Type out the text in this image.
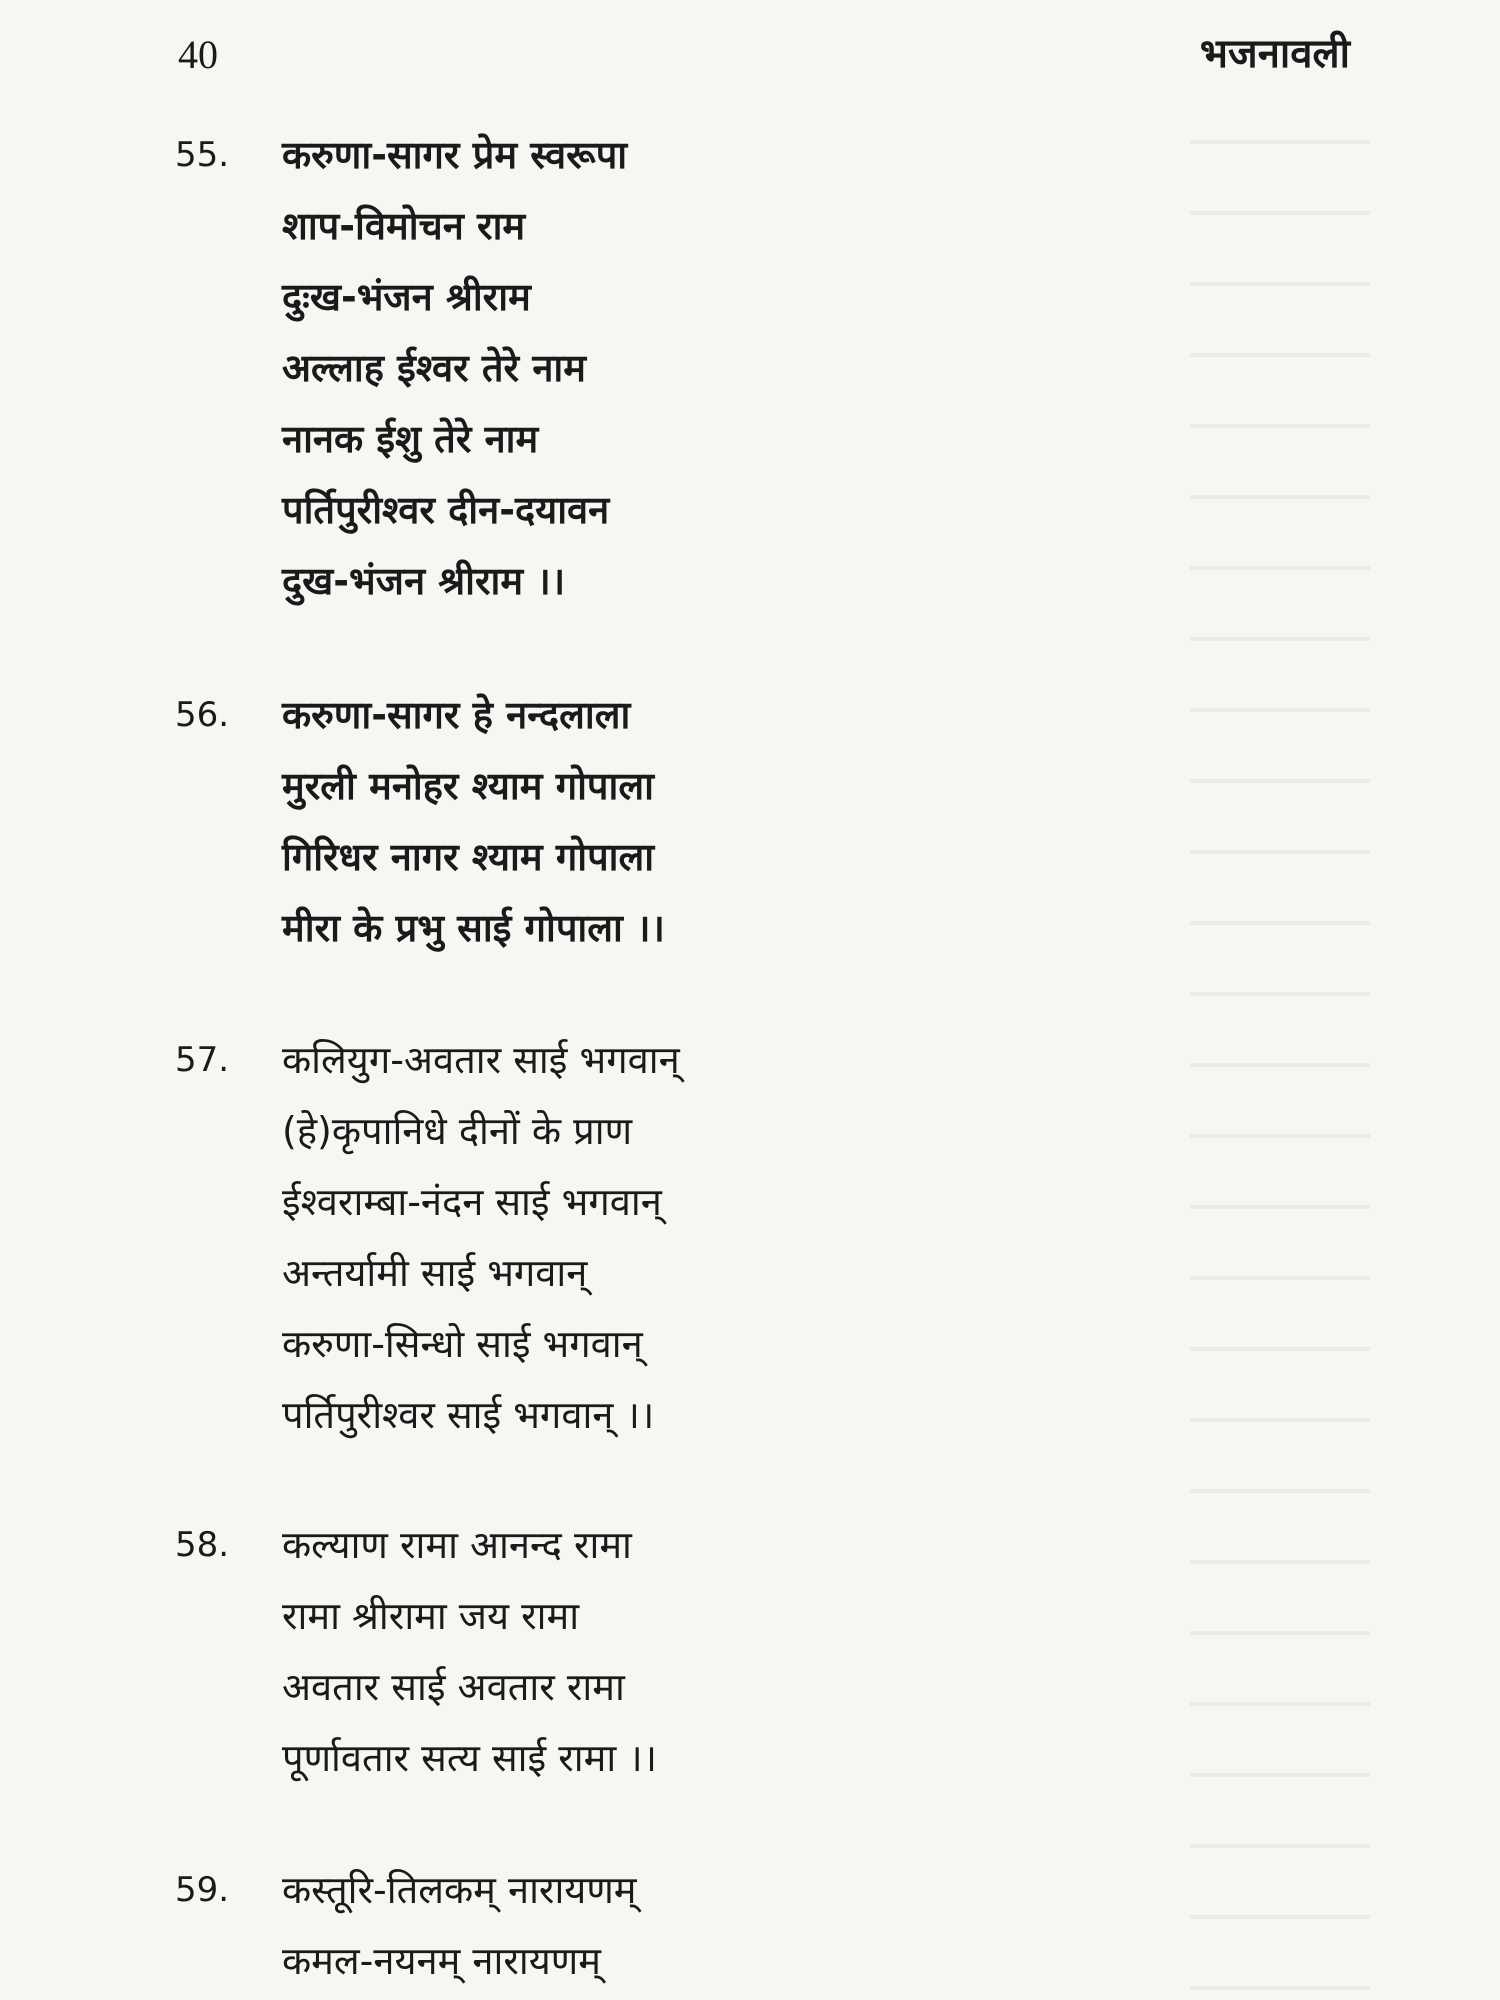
40	भजनावली
55. करुणा-सागर प्रेम स्वरूपा
शाप-विमोचन राम
दुःख-भंजन श्रीराम
अल्लाह ईश्वर तेरे नाम
नानक ईशु तेरे नाम
पर्तिपुरीश्वर दीन-दयावन
दुख-भंजन श्रीराम ।।
56. करुणा-सागर हे नन्दलाला
मुरली मनोहर श्याम गोपाला
गिरिधर नागर श्याम गोपाला
मीरा के प्रभु साई गोपाला ।।
57. कलियुग-अवतार साई भगवान्
(हे)कृपानिधे दीनों के प्राण
ईश्वराम्बा-नंदन साई भगवान्
अन्तर्यामी साई भगवान्
करुणा-सिन्धो साई भगवान्
पर्तिपुरीश्वर साई भगवान् ।।
58. कल्याण रामा आनन्द रामा
रामा श्रीरामा जय रामा
अवतार साई अवतार रामा
पूर्णावतार सत्य साई रामा ।।
59. कस्तूरि-तिलकम् नारायणम्
कमल-नयनम् नारायणम्
